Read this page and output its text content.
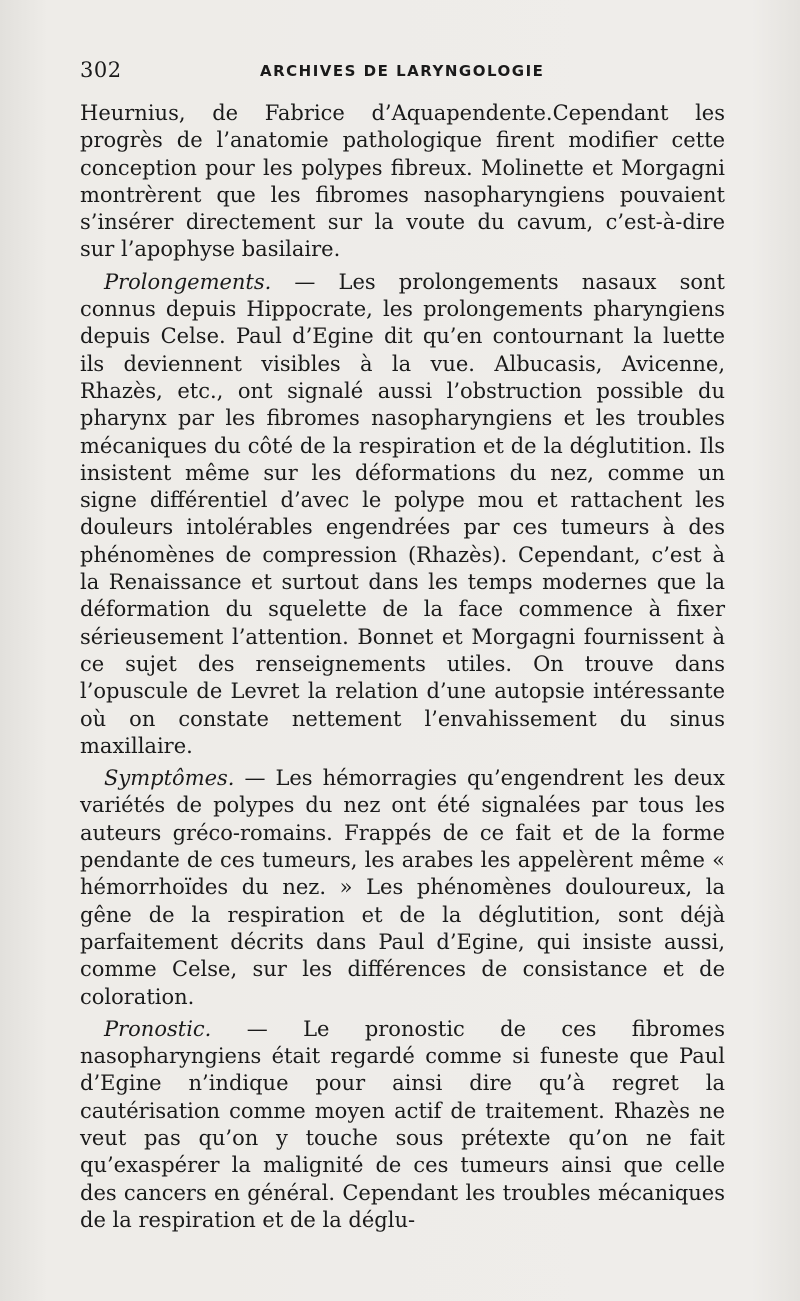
302	ARCHIVES DE LARYNGOLOGIE

Heurnius, de Fabrice d’Aquapendente.Cependant les progrès de l’anatomie pathologique firent modifier cette conception pour les polypes fibreux. Molinette et Morgagni montrèrent que les fibromes nasopharyngiens pouvaient s’insérer directement sur la voute du cavum, c’est-à-dire sur l’apophyse basilaire.

Prolongements. — Les prolongements nasaux sont connus depuis Hippocrate, les prolongements pharyngiens depuis Celse. Paul d’Egine dit qu’en contournant la luette ils deviennent visibles à la vue. Albucasis, Avicenne, Rhazès, etc., ont signalé aussi l’obstruction possible du pharynx par les fibromes nasopharyngiens et les troubles mécaniques du côté de la respiration et de la déglutition. Ils insistent même sur les déformations du nez, comme un signe différentiel d’avec le polype mou et rattachent les douleurs intolérables engendrées par ces tumeurs à des phénomènes de compression (Rhazès). Cependant, c’est à la Renaissance et surtout dans les temps modernes que la déformation du squelette de la face commence à fixer sérieusement l’attention. Bonnet et Morgagni fournissent à ce sujet des renseignements utiles. On trouve dans l’opuscule de Levret la relation d’une autopsie intéressante où on constate nettement l’envahissement du sinus maxillaire.

Symptômes. — Les hémorragies qu’engendrent les deux variétés de polypes du nez ont été signalées par tous les auteurs gréco-romains. Frappés de ce fait et de la forme pendante de ces tumeurs, les arabes les appelèrent même « hémorrhoïdes du nez. » Les phénomènes douloureux, la gêne de la respiration et de la déglutition, sont déjà parfaitement décrits dans Paul d’Egine, qui insiste aussi, comme Celse, sur les différences de consistance et de coloration.

Pronostic. — Le pronostic de ces fibromes nasopharyngiens était regardé comme si funeste que Paul d’Egine n’indique pour ainsi dire qu’à regret la cautérisation comme moyen actif de traitement. Rhazès ne veut pas qu’on y touche sous prétexte qu’on ne fait qu’exaspérer la malignité de ces tumeurs ainsi que celle des cancers en général. Cependant les troubles mécaniques de la respiration et de la déglu-
